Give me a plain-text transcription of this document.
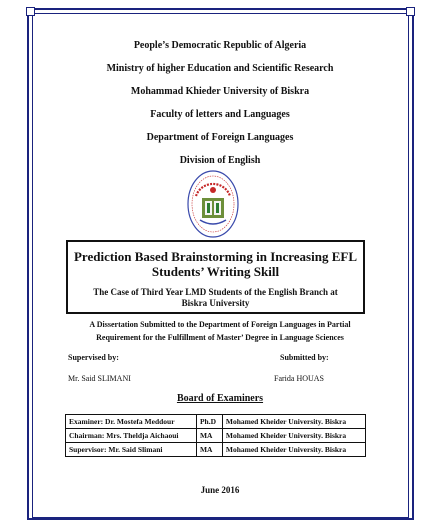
People’s Democratic Republic of Algeria
Ministry of higher Education and Scientific Research
Mohammad Khieder University of Biskra
Faculty of letters and Languages
Department of Foreign Languages
Division of English
Prediction Based Brainstorming in Increasing EFL
Students’ Writing Skill
The Case of Third Year LMD Students of the English Branch at
Biskra University
A Dissertation Submitted to the Department of Foreign Languages in Partial
Requirement for the Fulfillment of Master’ Degree in Language Sciences
Supervised by:	Submitted by:
Mr. Said SLIMANI	Farida HOUAS
Board of Examiners
Examiner: Dr. Mostefa Meddour	Ph.D	Mohamed Kheider University. Biskra
Chairman: Mrs. Theldja Aichaoui	MA	Mohamed Kheider University. Biskra
Supervisor: Mr. Said Slimani	MA	Mohamed Kheider University. Biskra
June 2016
